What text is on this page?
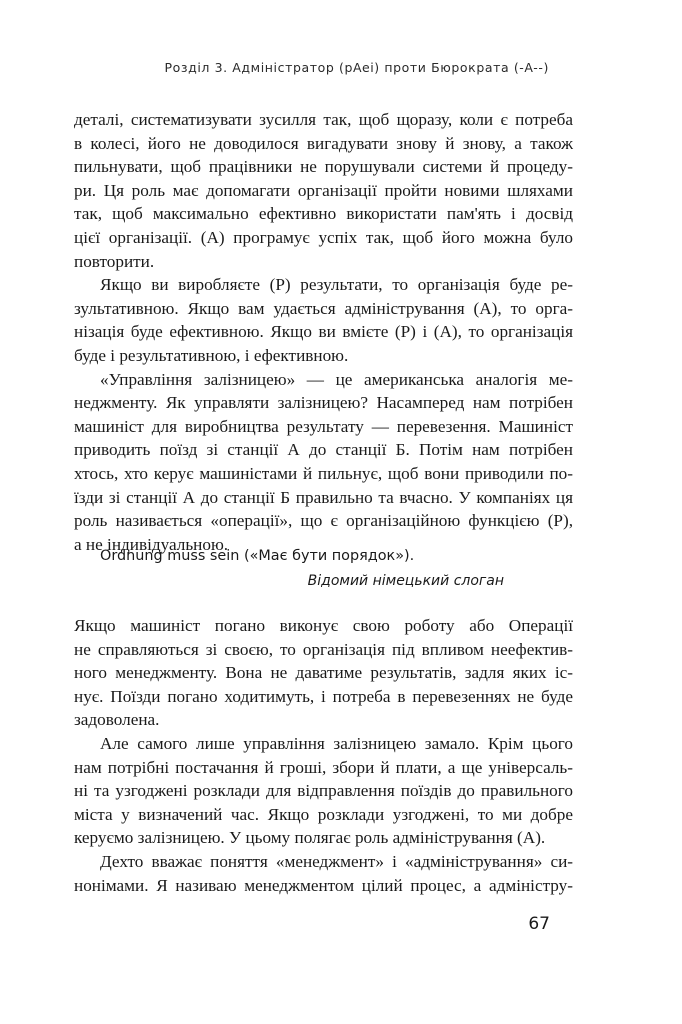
Розділ 3. Адміністратор (pAei) проти Бюрократа (-A--)
деталі, систематизувати зусилля так, щоб щоразу, коли є потреба
в колесі, його не доводилося вигадувати знову й знову, а також
пильнувати, щоб працівники не порушували системи й процеду-
ри. Ця роль має допомагати організації пройти новими шляхами
так, щоб максимально ефективно використати пам'ять і досвід
цієї організації. (A) програмує успіх так, щоб його можна було
повторити.
Якщо ви виробляєте (P) результати, то організація буде ре-
зультативною. Якщо вам удається адміністрування (A), то орга-
нізація буде ефективною. Якщо ви вмієте (P) і (A), то організація
буде і результативною, і ефективною.
«Управління залізницею» — це американська аналогія ме-
неджменту. Як управляти залізницею? Насамперед нам потрібен
машиніст для виробництва результату — перевезення. Машиніст
приводить поїзд зі станції А до станції Б. Потім нам потрібен
хтось, хто керує машиністами й пильнує, щоб вони приводили по-
їзди зі станції А до станції Б правильно та вчасно. У компаніях ця
роль називається «операції», що є організаційною функцією (P),
а не індивідуальною.
Ordnung muss sein («Має бути порядок»).
Відомий німецький слоган
Якщо машиніст погано виконує свою роботу або Операції
не справляються зі своєю, то організація під впливом неефектив-
ного менеджменту. Вона не даватиме результатів, задля яких іс-
нує. Поїзди погано ходитимуть, і потреба в перевезеннях не буде
задоволена.
Але самого лише управління залізницею замало. Крім цього
нам потрібні постачання й гроші, збори й плати, а ще універсаль-
ні та узгоджені розклади для відправлення поїздів до правильного
міста у визначений час. Якщо розклади узгоджені, то ми добре
керуємо залізницею. У цьому полягає роль адміністрування (A).
Дехто вважає поняття «менеджмент» і «адміністрування» си-
нонімами. Я називаю менеджментом цілий процес, а адміністру-
67
